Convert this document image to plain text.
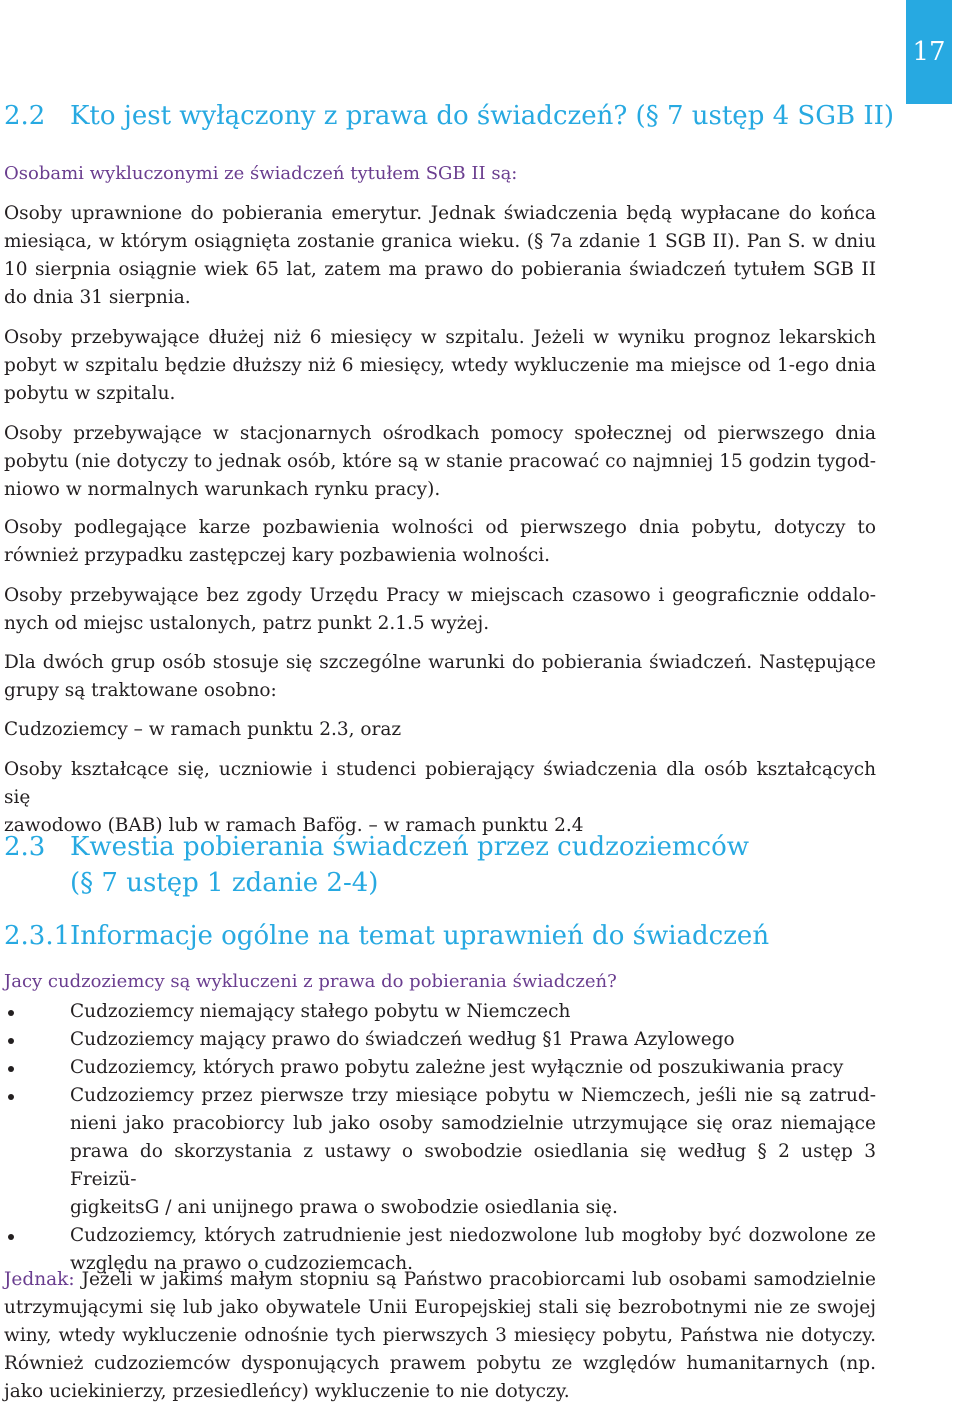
17
2.2 Kto jest wyłączony z prawa do świadczeń? (§ 7 ustęp 4 SGB II)
Osobami wykluczonymi ze świadczeń tytułem SGB II są:
Osoby uprawnione do pobierania emerytur. Jednak świadczenia będą wypłacane do końca
miesiąca, w którym osiągnięta zostanie granica wieku. (§ 7a zdanie 1 SGB II). Pan S. w dniu
10 sierpnia osiągnie wiek 65 lat, zatem ma prawo do pobierania świadczeń tytułem SGB II
do dnia 31 sierpnia.
Osoby przebywające dłużej niż 6 miesięcy w szpitalu. Jeżeli w wyniku prognoz lekarskich
pobyt w szpitalu będzie dłuższy niż 6 miesięcy, wtedy wykluczenie ma miejsce od 1-ego dnia
pobytu w szpitalu.
Osoby przebywające w stacjonarnych ośrodkach pomocy społecznej od pierwszego dnia
pobytu (nie dotyczy to jednak osób, które są w stanie pracować co najmniej 15 godzin tygod-
niowo w normalnych warunkach rynku pracy).
Osoby podlegające karze pozbawienia wolności od pierwszego dnia pobytu, dotyczy to
również przypadku zastępczej kary pozbawienia wolności.
Osoby przebywające bez zgody Urzędu Pracy w miejscach czasowo i geograficznie oddalo-
nych od miejsc ustalonych, patrz punkt 2.1.5 wyżej.
Dla dwóch grup osób stosuje się szczególne warunki do pobierania świadczeń. Następujące
grupy są traktowane osobno:
Cudzoziemcy – w ramach punktu 2.3, oraz
Osoby kształcące się, uczniowie i studenci pobierający świadczenia dla osób kształcących się
zawodowo (BAB) lub w ramach Bafög. – w ramach punktu 2.4
2.3 Kwestia pobierania świadczeń przez cudzoziemców
(§ 7 ustęp 1 zdanie 2-4)
2.3.1Informacje ogólne na temat uprawnień do świadczeń
Jacy cudzoziemcy są wykluczeni z prawa do pobierania świadczeń?
Cudzoziemcy niemający stałego pobytu w Niemczech
Cudzoziemcy mający prawo do świadczeń według §1 Prawa Azylowego
Cudzoziemcy, których prawo pobytu zależne jest wyłącznie od poszukiwania pracy
Cudzoziemcy przez pierwsze trzy miesiące pobytu w Niemczech, jeśli nie są zatrud-
nieni jako pracobiorcy lub jako osoby samodzielnie utrzymujące się oraz niemające
prawa do skorzystania z ustawy o swobodzie osiedlania się według § 2 ustęp 3 Freizü-
gigkeitsG / ani unijnego prawa o swobodzie osiedlania się.
Cudzoziemcy, których zatrudnienie jest niedozwolone lub mogłoby być dozwolone ze
względu na prawo o cudzoziemcach.
Jednak: Jeżeli w jakimś małym stopniu są Państwo pracobiorcami lub osobami samodzielnie
utrzymującymi się lub jako obywatele Unii Europejskiej stali się bezrobotnymi nie ze swojej
winy, wtedy wykluczenie odnośnie tych pierwszych 3 miesięcy pobytu, Państwa nie dotyczy.
Również cudzoziemców dysponujących prawem pobytu ze względów humanitarnych (np.
jako uciekinierzy, przesiedleńcy) wykluczenie to nie dotyczy.
